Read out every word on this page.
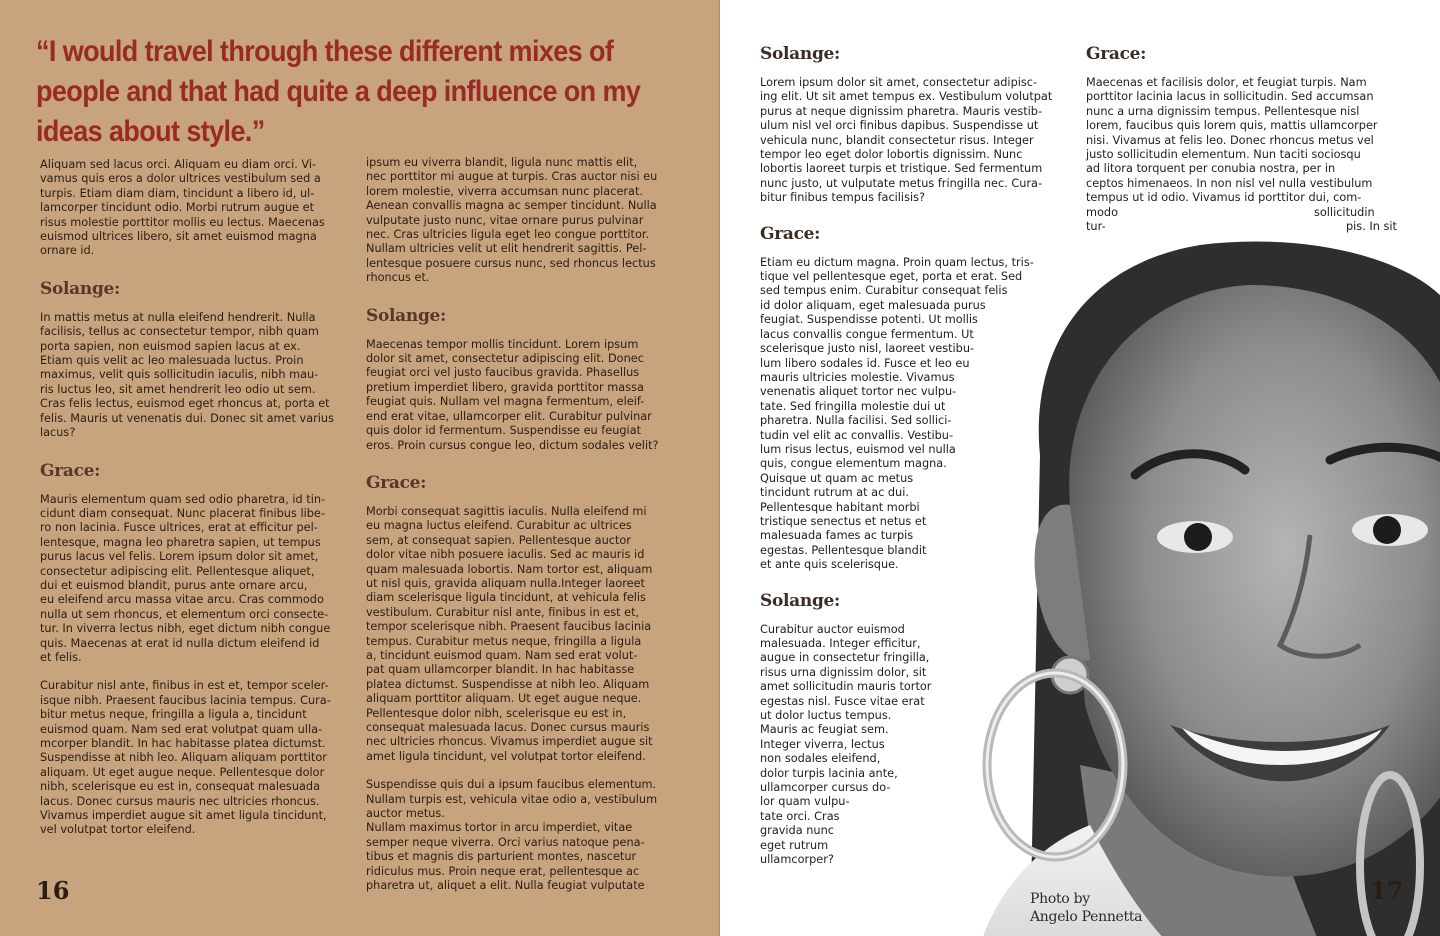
“I would travel through these different mixes of people and that had quite a deep influence on my ideas about style.”

Aliquam sed lacus orci. Aliquam eu diam orci. Vi-
vamus quis eros a dolor ultrices vestibulum sed a
turpis. Etiam diam diam, tincidunt a libero id, ul-
lamcorper tincidunt odio. Morbi rutrum augue et
risus molestie porttitor mollis eu lectus. Maecenas
euismod ultrices libero, sit amet euismod magna
ornare id.

Solange:

In mattis metus at nulla eleifend hendrerit. Nulla
facilisis, tellus ac consectetur tempor, nibh quam
porta sapien, non euismod sapien lacus at ex.
Etiam quis velit ac leo malesuada luctus. Proin
maximus, velit quis sollicitudin iaculis, nibh mau-
ris luctus leo, sit amet hendrerit leo odio ut sem.
Cras felis lectus, euismod eget rhoncus at, porta et
felis. Mauris ut venenatis dui. Donec sit amet varius
lacus?

Grace:

Mauris elementum quam sed odio pharetra, id tin-
cidunt diam consequat. Nunc placerat finibus libe-
ro non lacinia. Fusce ultrices, erat at efficitur pel-
lentesque, magna leo pharetra sapien, ut tempus
purus lacus vel felis. Lorem ipsum dolor sit amet,
consectetur adipiscing elit. Pellentesque aliquet,
dui et euismod blandit, purus ante ornare arcu,
eu eleifend arcu massa vitae arcu. Cras commodo
nulla ut sem rhoncus, et elementum orci consecte-
tur. In viverra lectus nibh, eget dictum nibh congue
quis. Maecenas at erat id nulla dictum eleifend id
et felis.

Curabitur nisl ante, finibus in est et, tempor sceler-
isque nibh. Praesent faucibus lacinia tempus. Cura-
bitur metus neque, fringilla a ligula a, tincidunt
euismod quam. Nam sed erat volutpat quam ulla-
mcorper blandit. In hac habitasse platea dictumst.
Suspendisse at nibh leo. Aliquam aliquam porttitor
aliquam. Ut eget augue neque. Pellentesque dolor
nibh, scelerisque eu est in, consequat malesuada
lacus. Donec cursus mauris nec ultricies rhoncus.
Vivamus imperdiet augue sit amet ligula tincidunt,
vel volutpat tortor eleifend.

ipsum eu viverra blandit, ligula nunc mattis elit,
nec porttitor mi augue at turpis. Cras auctor nisi eu
lorem molestie, viverra accumsan nunc placerat.
Aenean convallis magna ac semper tincidunt. Nulla
vulputate justo nunc, vitae ornare purus pulvinar
nec. Cras ultricies ligula eget leo congue porttitor.
Nullam ultricies velit ut elit hendrerit sagittis. Pel-
lentesque posuere cursus nunc, sed rhoncus lectus
rhoncus et.

Solange:

Maecenas tempor mollis tincidunt. Lorem ipsum
dolor sit amet, consectetur adipiscing elit. Donec
feugiat orci vel justo faucibus gravida. Phasellus
pretium imperdiet libero, gravida porttitor massa
feugiat quis. Nullam vel magna fermentum, eleif-
end erat vitae, ullamcorper elit. Curabitur pulvinar
quis dolor id fermentum. Suspendisse eu feugiat
eros. Proin cursus congue leo, dictum sodales velit?

Grace:

Morbi consequat sagittis iaculis. Nulla eleifend mi
eu magna luctus eleifend. Curabitur ac ultrices
sem, at consequat sapien. Pellentesque auctor
dolor vitae nibh posuere iaculis. Sed ac mauris id
quam malesuada lobortis. Nam tortor est, aliquam
ut nisl quis, gravida aliquam nulla.Integer laoreet
diam scelerisque ligula tincidunt, at vehicula felis
vestibulum. Curabitur nisl ante, finibus in est et,
tempor scelerisque nibh. Praesent faucibus lacinia
tempus. Curabitur metus neque, fringilla a ligula
a, tincidunt euismod quam. Nam sed erat volut-
pat quam ullamcorper blandit. In hac habitasse
platea dictumst. Suspendisse at nibh leo. Aliquam
aliquam porttitor aliquam. Ut eget augue neque.
Pellentesque dolor nibh, scelerisque eu est in,
consequat malesuada lacus. Donec cursus mauris
nec ultricies rhoncus. Vivamus imperdiet augue sit
amet ligula tincidunt, vel volutpat tortor eleifend.

Suspendisse quis dui a ipsum faucibus elementum.
Nullam turpis est, vehicula vitae odio a, vestibulum
auctor metus.
Nullam maximus tortor in arcu imperdiet, vitae
semper neque viverra. Orci varius natoque pena-
tibus et magnis dis parturient montes, nascetur
ridiculus mus. Proin neque erat, pellentesque ac
pharetra ut, aliquet a elit. Nulla feugiat vulputate

16
Solange:

Lorem ipsum dolor sit amet, consectetur adipisc-
ing elit. Ut sit amet tempus ex. Vestibulum volutpat
purus at neque dignissim pharetra. Mauris vestib-
ulum nisl vel orci finibus dapibus. Suspendisse ut
vehicula nunc, blandit consectetur risus. Integer
tempor leo eget dolor lobortis dignissim. Nunc
lobortis laoreet turpis et tristique. Sed fermentum
nunc justo, ut vulputate metus fringilla nec. Cura-
bitur finibus tempus facilisis?

Grace:

Etiam eu dictum magna. Proin quam lectus, tris-
tique vel pellentesque eget, porta et erat. Sed
sed tempus enim. Curabitur consequat felis
id dolor aliquam, eget malesuada purus
feugiat. Suspendisse potenti. Ut mollis
lacus convallis congue fermentum. Ut
scelerisque justo nisl, laoreet vestibu-
lum libero sodales id. Fusce et leo eu
mauris ultricies molestie. Vivamus
venenatis aliquet tortor nec vulpu-
tate. Sed fringilla molestie dui ut
pharetra. Nulla facilisi. Sed sollici-
tudin vel elit ac convallis. Vestibu-
lum risus lectus, euismod vel nulla
quis, congue elementum magna.
Quisque ut quam ac metus
tincidunt rutrum at ac dui.
Pellentesque habitant morbi
tristique senectus et netus et
malesuada fames ac turpis
egestas. Pellentesque blandit
et ante quis scelerisque.

Solange:

Curabitur auctor euismod
malesuada. Integer efficitur,
augue in consectetur fringilla,
risus urna dignissim dolor, sit
amet sollicitudin mauris tortor
egestas nisl. Fusce vitae erat
ut dolor luctus tempus.
Mauris ac feugiat sem.
Integer viverra, lectus
non sodales eleifend,
dolor turpis lacinia ante,
ullamcorper cursus do-
lor quam vulpu-
tate orci. Cras
gravida nunc
eget rutrum
ullamcorper?

Grace:

Maecenas et facilisis dolor, et feugiat turpis. Nam
porttitor lacinia lacus in sollicitudin. Sed accumsan
nunc a urna dignissim tempus. Pellentesque nisl
lorem, faucibus quis lorem quis, mattis ullamcorper
nisi. Vivamus at felis leo. Donec rhoncus metus vel
justo sollicitudin elementum. Nun taciti sociosqu
ad litora torquent per conubia nostra, per in
ceptos himenaeos. In non nisl vel nulla vestibulum
tempus ut id odio. Vivamus id porttitor dui, com-

modo	sollicitudin
tur-	pis. In sit

Photo by
Angelo Pennetta

17
